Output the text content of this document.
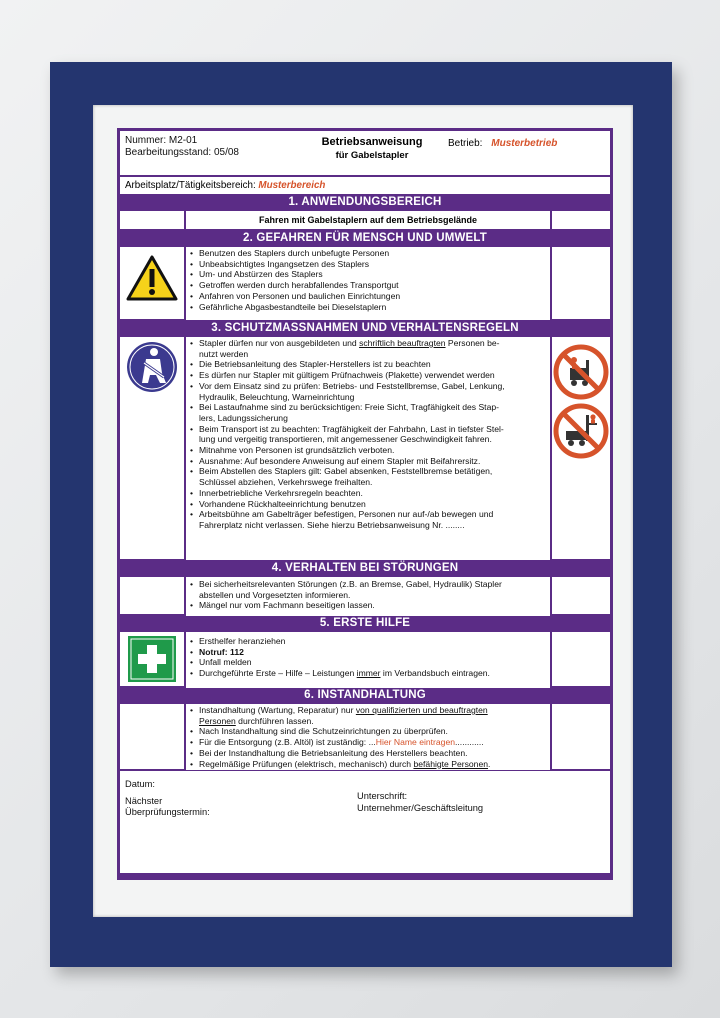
Nummer: M2-01
Bearbeitungsstand: 05/08
Betriebsanweisung
für Gabelstapler
Betrieb: Musterbetrieb
Arbeitsplatz/Tätigkeitsbereich: Musterbereich
1. ANWENDUNGSBEREICH
Fahren mit Gabelstaplern auf dem Betriebsgelände
2. GEFAHREN FÜR MENSCH UND UMWELT
• Benutzen des Staplers durch unbefugte Personen
• Unbeabsichtigtes Ingangsetzen des Staplers
• Um- und Abstürzen des Staplers
• Getroffen werden durch herabfallendes Transportgut
• Anfahren von Personen und baulichen Einrichtungen
• Gefährliche Abgasbestandteile bei Dieselstaplern
3. SCHUTZMASSNAHMEN UND VERHALTENSREGELN
• Stapler dürfen nur von ausgebildeten und schriftlich beauftragten Personen be-
nutzt werden
• Die Betriebsanleitung des Stapler-Herstellers ist zu beachten
• Es dürfen nur Stapler mit gültigem Prüfnachweis (Plakette) verwendet werden
• Vor dem Einsatz sind zu prüfen: Betriebs- und Feststellbremse, Gabel, Lenkung,
Hydraulik, Beleuchtung, Warneinrichtung
• Bei Lastaufnahme sind zu berücksichtigen: Freie Sicht, Tragfähigkeit des Stap-
lers, Ladungssicherung
• Beim Transport ist zu beachten: Tragfähigkeit der Fahrbahn, Last in tiefster Stel-
lung und vergeitig transportieren, mit angemessener Geschwindigkeit fahren.
• Mitnahme von Personen ist grundsätzlich verboten.
• Ausnahme: Auf besondere Anweisung auf einem Stapler mit Beifahrersitz.
• Beim Abstellen des Staplers gilt: Gabel absenken, Feststellbremse betätigen,
Schlüssel abziehen, Verkehrswege freihalten.
• Innerbetriebliche Verkehrsregeln beachten.
• Vorhandene Rückhalteeinrichtung benutzen
• Arbeitsbühne am Gabelträger befestigen, Personen nur auf-/ab bewegen und
Fahrerplatz nicht verlassen. Siehe hierzu Betriebsanweisung Nr. ........
4. VERHALTEN BEI STÖRUNGEN
• Bei sicherheitsrelevanten Störungen (z.B. an Bremse, Gabel, Hydraulik) Stapler
abstellen und Vorgesetzten informieren.
• Mängel nur vom Fachmann beseitigen lassen.
5. ERSTE HILFE
• Ersthelfer heranziehen
• Notruf: 112
• Unfall melden
• Durchgeführte Erste – Hilfe – Leistungen immer im Verbandsbuch eintragen.
6. INSTANDHALTUNG
• Instandhaltung (Wartung, Reparatur) nur von qualifizierten und beauftragten
Personen durchführen lassen.
• Nach Instandhaltung sind die Schutzeinrichtungen zu überprüfen.
• Für die Entsorgung (z.B. Altöl) ist zuständig: ...Hier Name eintragen............
• Bei der Instandhaltung die Betriebsanleitung des Herstellers beachten.
• Regelmäßige Prüfungen (elektrisch, mechanisch) durch befähigte Personen.
Datum:
Nächster
Überprüfungstermin:
Unterschrift:
Unternehmer/Geschäftsleitung
